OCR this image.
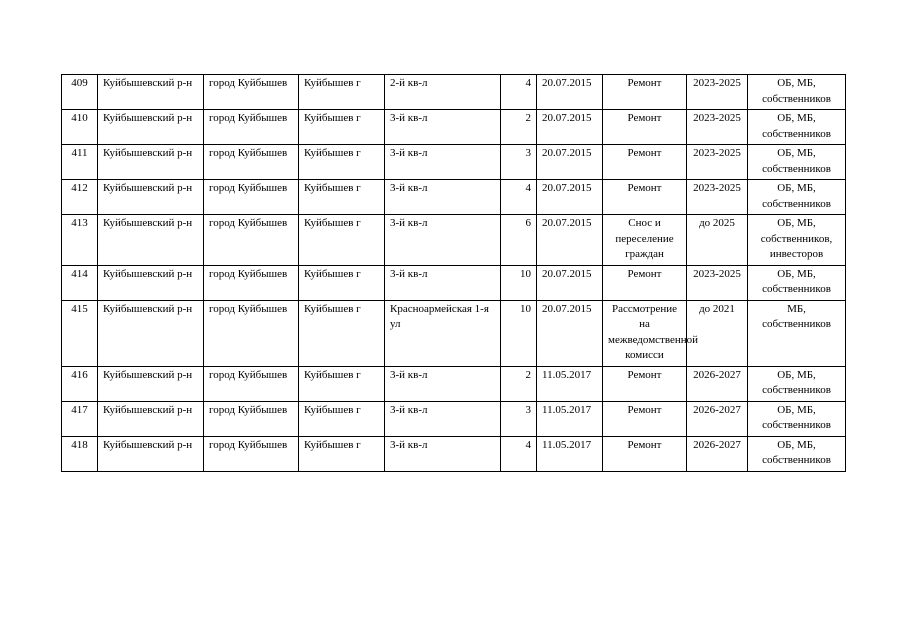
409	Куйбышевский р-н	город Куйбышев	Куйбышев г	2-й кв-л	4	20.07.2015	Ремонт	2023-2025	ОБ, МБ, собственников
410	Куйбышевский р-н	город Куйбышев	Куйбышев г	3-й кв-л	2	20.07.2015	Ремонт	2023-2025	ОБ, МБ, собственников
411	Куйбышевский р-н	город Куйбышев	Куйбышев г	3-й кв-л	3	20.07.2015	Ремонт	2023-2025	ОБ, МБ, собственников
412	Куйбышевский р-н	город Куйбышев	Куйбышев г	3-й кв-л	4	20.07.2015	Ремонт	2023-2025	ОБ, МБ, собственников
413	Куйбышевский р-н	город Куйбышев	Куйбышев г	3-й кв-л	6	20.07.2015	Снос и переселение граждан	до 2025	ОБ, МБ, собственников, инвесторов
414	Куйбышевский р-н	город Куйбышев	Куйбышев г	3-й кв-л	10	20.07.2015	Ремонт	2023-2025	ОБ, МБ, собственников
415	Куйбышевский р-н	город Куйбышев	Куйбышев г	Красноармейская 1-я ул	10	20.07.2015	Рассмотрение на межведомственной комисси	до 2021	МБ, собственников
416	Куйбышевский р-н	город Куйбышев	Куйбышев г	3-й кв-л	2	11.05.2017	Ремонт	2026-2027	ОБ, МБ, собственников
417	Куйбышевский р-н	город Куйбышев	Куйбышев г	3-й кв-л	3	11.05.2017	Ремонт	2026-2027	ОБ, МБ, собственников
418	Куйбышевский р-н	город Куйбышев	Куйбышев г	3-й кв-л	4	11.05.2017	Ремонт	2026-2027	ОБ, МБ, собственников
